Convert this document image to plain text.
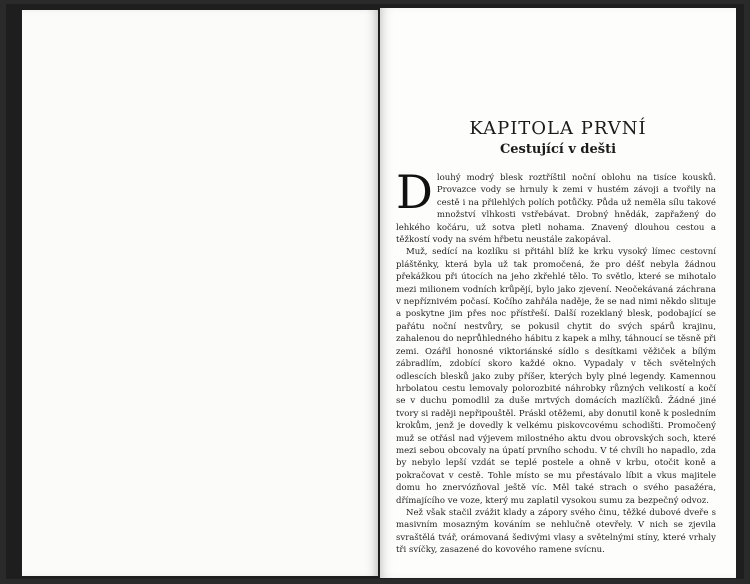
KAPITOLA PRVNÍ
Cestující v dešti

Dlouhý modrý blesk roztříštil noční oblohu na tisíce kousků. Provazce vody se hrnuly k zemi v hustém závoji a tvořily na cestě i na přilehlých polích potůčky. Půda už neměla sílu takové množství vlhkosti vstřebávat. Drobný hnědák, zapřažený do lehkého kočáru, už sotva pletl nohama. Znavený dlouhou cestou a těžkostí vody na svém hřbetu neustále zakopával.

Muž, sedící na kozlíku si přitáhl blíž ke krku vysoký límec cestovní pláštěnky, která byla už tak promočená, že pro déšť nebyla žádnou překážkou při útocích na jeho zkřehlé tělo. To světlo, které se mihotalo mezi milionem vodních krůpějí, bylo jako zjevení. Neočekávaná záchrana v nepříznivém počasí. Kočího zahřála naděje, že se nad nimi někdo slituje a poskytne jim přes noc přístřeší. Další rozeklaný blesk, podobající se pařátu noční nestvůry, se pokusil chytit do svých spárů krajinu, zahalenou do neprůhledného hábitu z kapek a mlhy, táhnoucí se těsně při zemi. Ozářil honosné viktoriánské sídlo s desítkami věžiček a bílým zábradlím, zdobící skoro každé okno. Vypadaly v těch světelných odlescích blesků jako zuby příšer, kterých byly plné legendy. Kamennou hrbolatou cestu lemovaly polorozbité náhrobky různých velikostí a kočí se v duchu pomodlil za duše mrtvých domácích mazlíčků. Žádné jiné tvory si raději nepřipouštěl. Práskl otěžemi, aby donutil koně k posledním krokům, jenž je dovedly k velkému piskovcovému schodišti. Promočený muž se otřásl nad výjevem milostného aktu dvou obrovských soch, které mezi sebou obcovaly na úpatí prvního schodu. V té chvíli ho napadlo, zda by nebylo lepší vzdát se teplé postele a ohně v krbu, otočit koně a pokračovat v cestě. Tohle místo se mu přestávalo líbit a vkus majitele domu ho znervózňoval ještě víc. Měl také strach o svého pasažéra, dřímajícího ve voze, který mu zaplatil vysokou sumu za bezpečný odvoz.

Než však stačil zvážit klady a zápory svého činu, těžké dubové dveře s masivním mosazným kováním se nehlučně otevřely. V nich se zjevila svraštělá tvář, orámovaná šedivými vlasy a světelnými stíny, které vrhaly tři svíčky, zasazené do kovového ramene svícnu.
